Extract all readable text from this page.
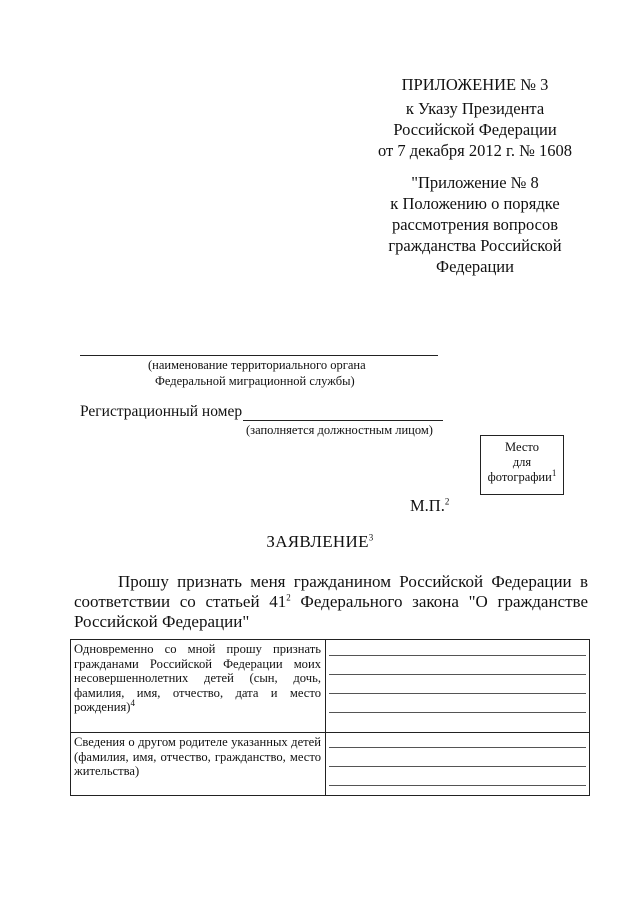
ПРИЛОЖЕНИЕ № 3
к Указу Президента
Российской Федерации
от 7 декабря 2012 г. № 1608
"Приложение № 8
к Положению о порядке
рассмотрения вопросов
гражданства Российской
Федерации
(наименование территориального органа
Федеральной миграционной службы)
Регистрационный номер
(заполняется должностным лицом)
Место
для
фотографии$^1$
М.П.$^2$
ЗАЯВЛЕНИЕ$^3$

Прошу признать меня гражданином Российской Федерации в

соответствии со статьей $41^2$ Федерального закона "О гражданстве

Российской Федерации"

Одновременно со мной прошу признать гражданами Российской Федерации моих несовершеннолетних детей (сын, дочь, фамилия, имя, отчество, дата и место рождения)$^4$	

Сведения о другом родителе указанных детей (фамилия, имя, отчество, гражданство, место жительства)	
